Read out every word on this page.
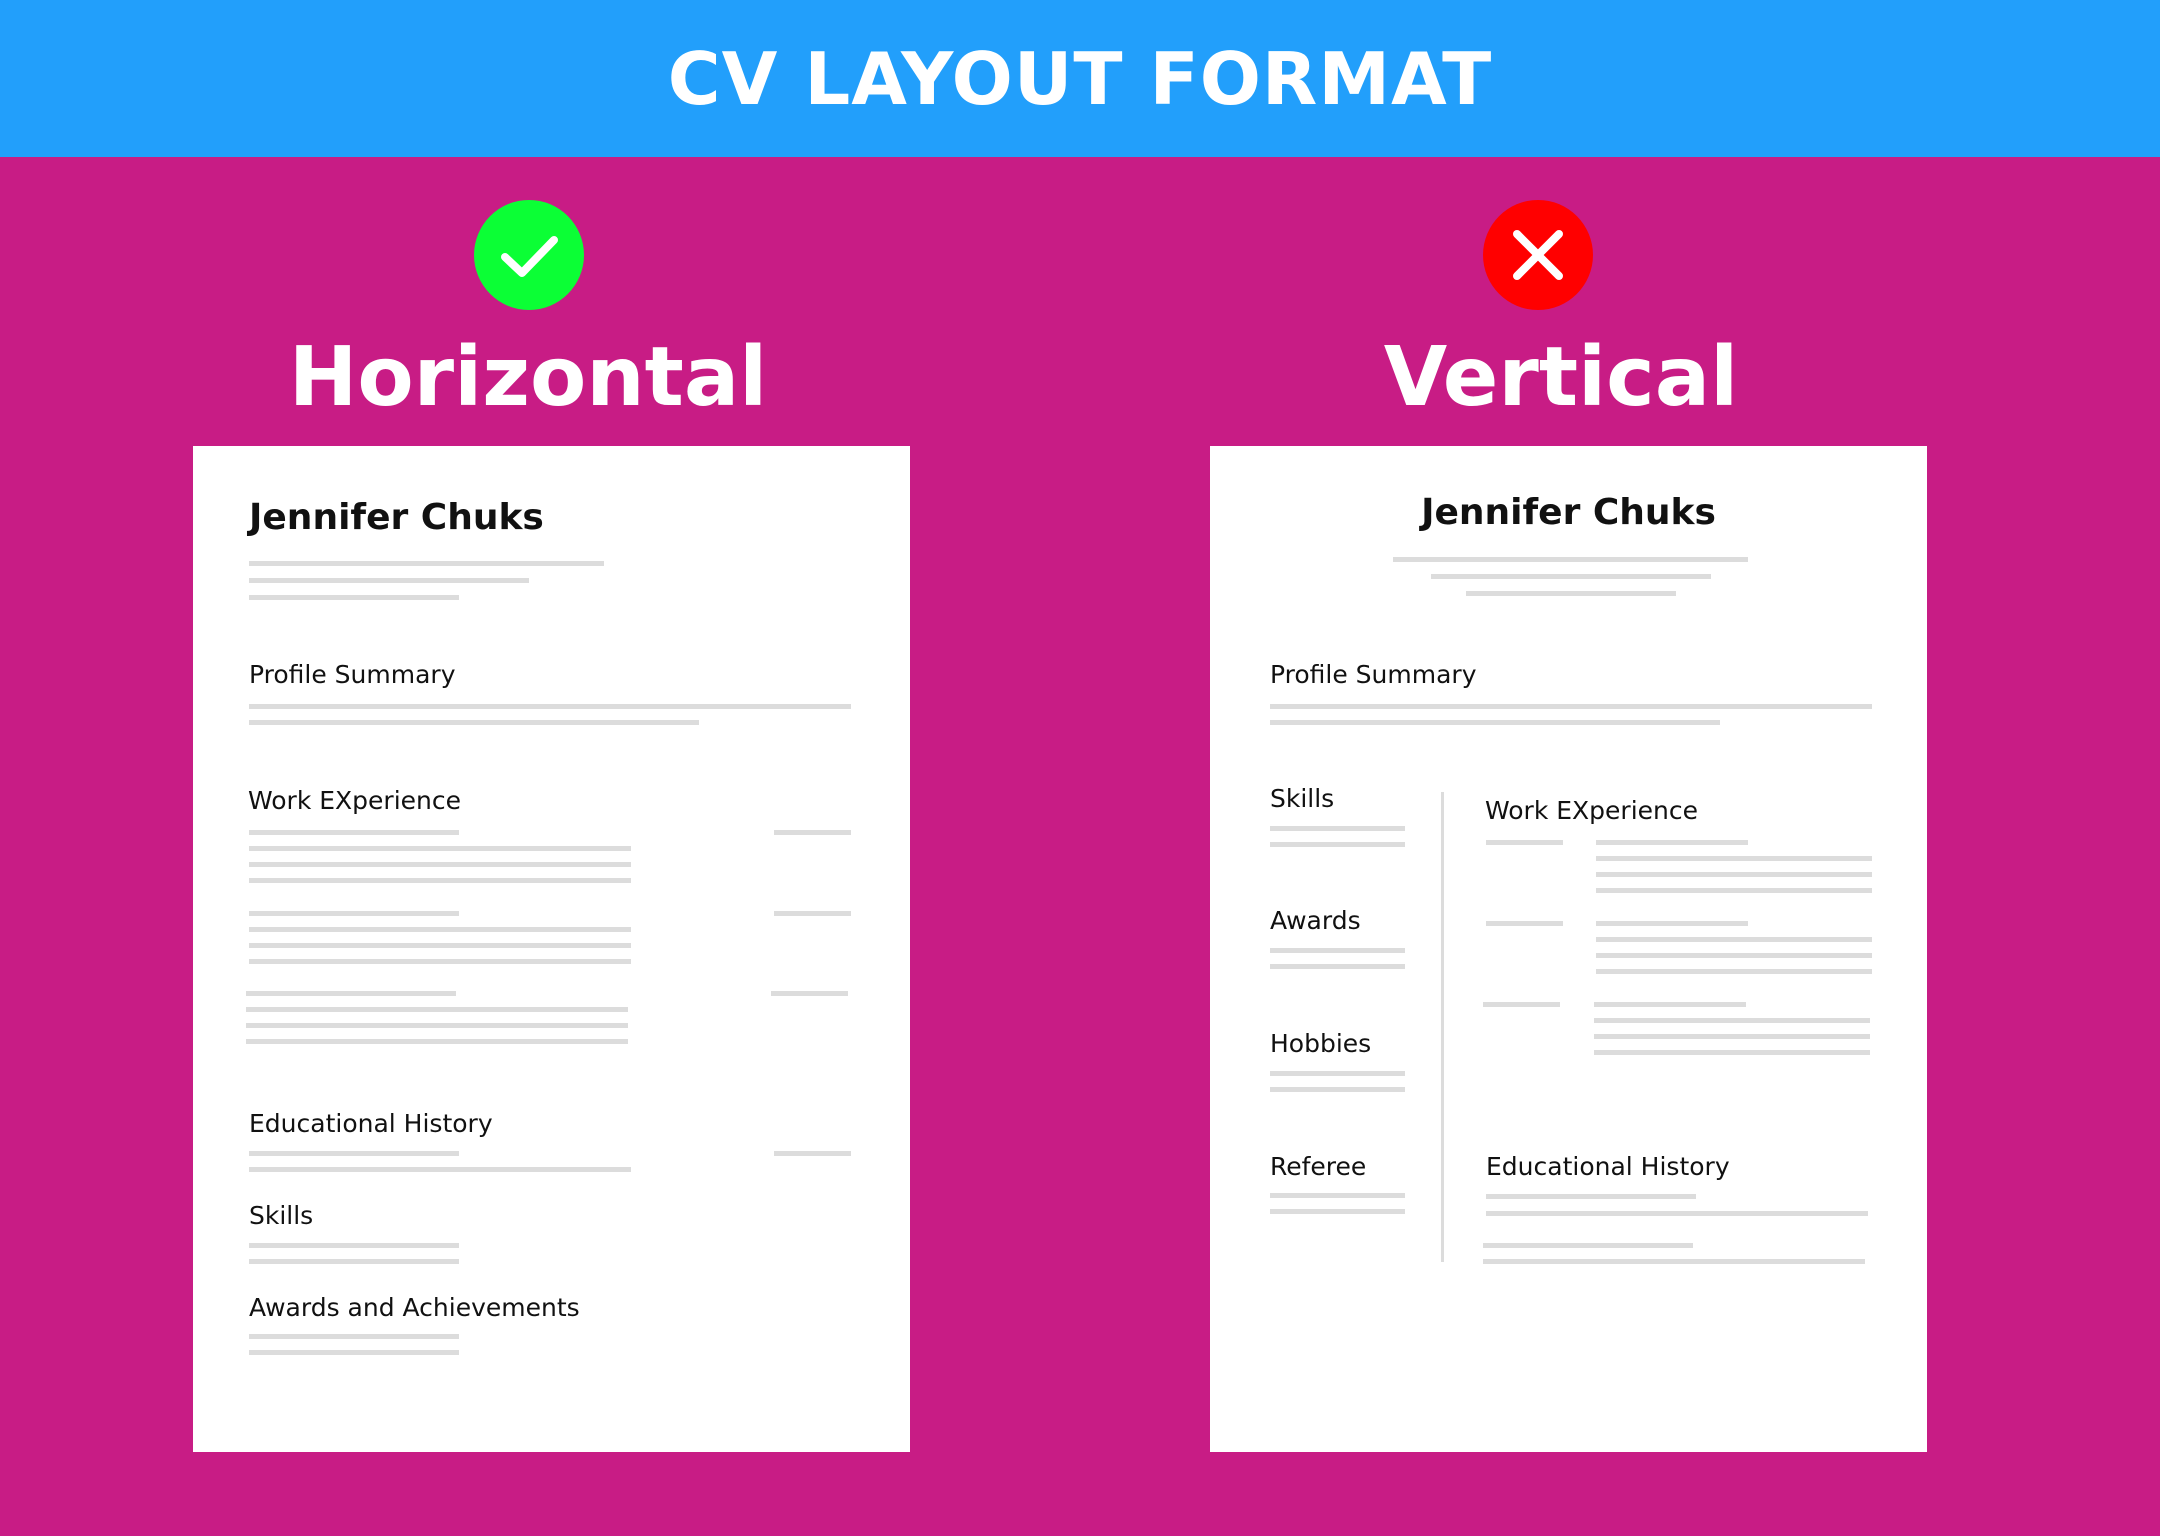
CV LAYOUT FORMAT
Horizontal
Jennifer Chuks
Profile Summary
Work EXperience
Educational History
Skills
Awards and Achievements
Vertical
Jennifer Chuks
Profile Summary
Skills
Awards
Hobbies
Referee
Work EXperience
Educational History
